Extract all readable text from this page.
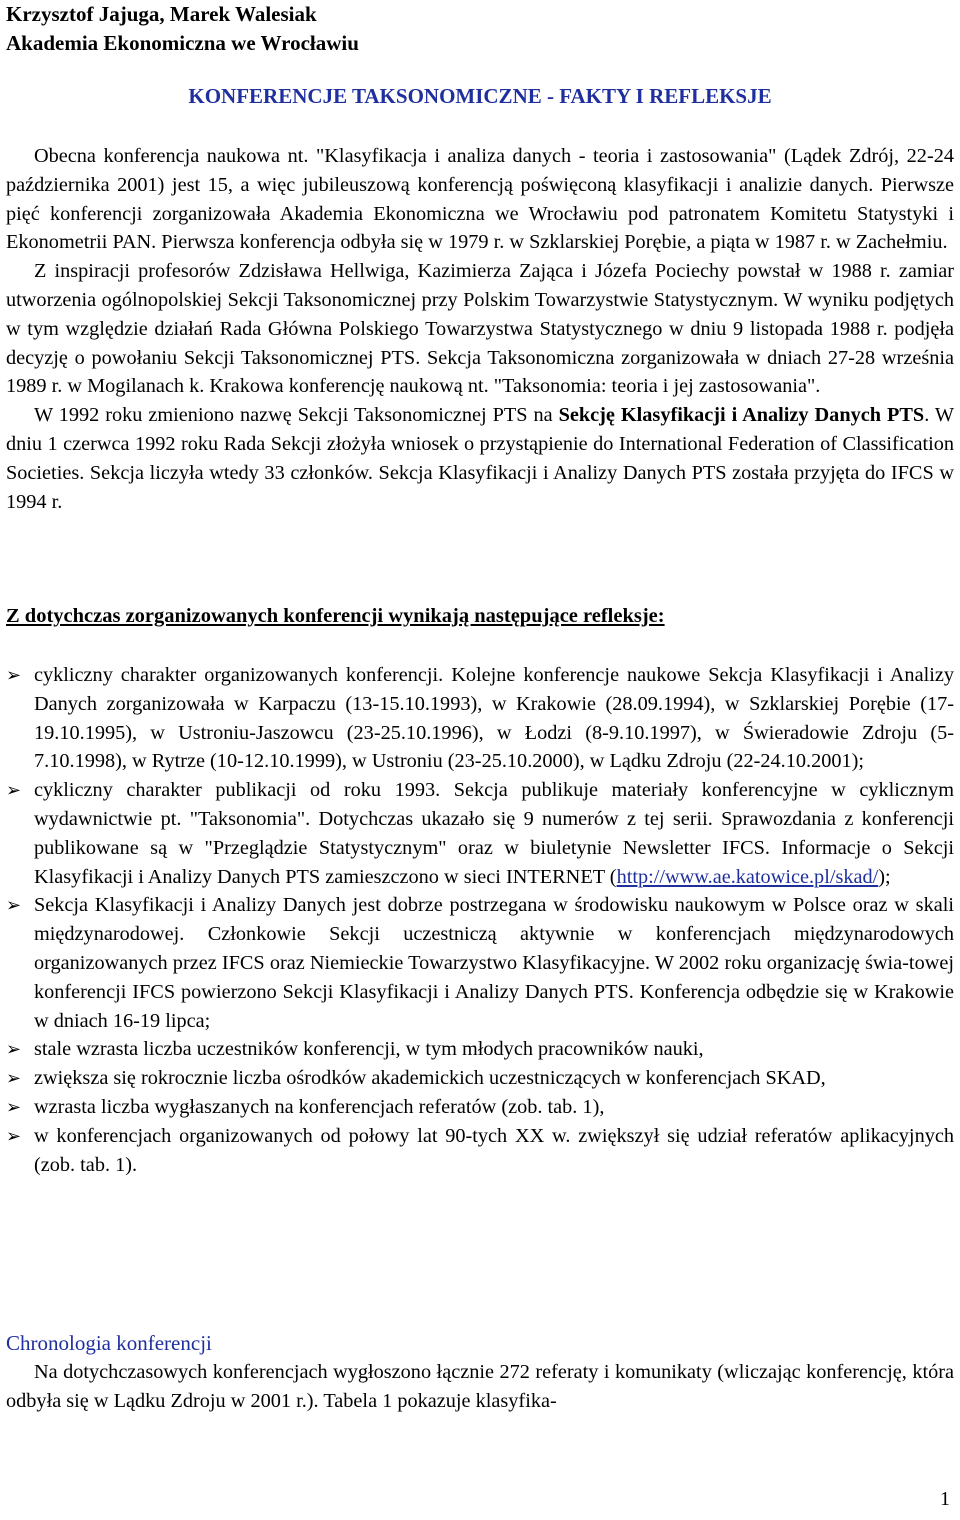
Krzysztof Jajuga, Marek Walesiak
Akademia Ekonomiczna we Wrocławiu
KONFERENCJE TAKSONOMICZNE - FAKTY I REFLEKSJE

Obecna konferencja naukowa nt. "Klasyfikacja i analiza danych - teoria i zastosowania" (Lądek Zdrój, 22-24 października 2001) jest 15, a więc jubileuszową konferencją poświęconą klasyfikacji i analizie danych. Pierwsze pięć konferencji zorganizowała Akademia Ekonomiczna we Wrocławiu pod patronatem Komitetu Statystyki i Ekonometrii PAN. Pierwsza konferencja odbyła się w 1979 r. w Szklarskiej Porębie, a piąta w 1987 r. w Zachełmiu.

Z inspiracji profesorów Zdzisława Hellwiga, Kazimierza Zająca i Józefa Pociechy powstał w 1988 r. zamiar utworzenia ogólnopolskiej Sekcji Taksonomicznej przy Polskim Towarzystwie Statystycznym. W wyniku podjętych w tym względzie działań Rada Główna Polskiego Towarzystwa Statystycznego w dniu 9 listopada 1988 r. podjęła decyzję o powołaniu Sekcji Taksonomicznej PTS. Sekcja Taksonomiczna zorganizowała w dniach 27-28 września 1989 r. w Mogilanach k. Krakowa konferencję naukową nt. "Taksonomia: teoria i jej zastosowania".

W 1992 roku zmieniono nazwę Sekcji Taksonomicznej PTS na Sekcję Klasyfikacji i Analizy Danych PTS. W dniu 1 czerwca 1992 roku Rada Sekcji złożyła wniosek o przystąpienie do International Federation of Classification Societies. Sekcja liczyła wtedy 33 członków. Sekcja Klasyfikacji i Analizy Danych PTS została przyjęta do IFCS w 1994 r.

Z dotychczas zorganizowanych konferencji wynikają następujące refleksje:
➢ cykliczny charakter organizowanych konferencji. Kolejne konferencje naukowe Sekcja Klasyfikacji i Analizy Danych zorganizowała w Karpaczu (13-15.10.1993), w Krakowie (28.09.1994), w Szklarskiej Porębie (17-19.10.1995), w Ustroniu-Jaszowcu (23-25.10.1996), w Łodzi (8-9.10.1997), w Świeradowie Zdroju (5-7.10.1998), w Rytrze (10-12.10.1999), w Ustroniu (23-25.10.2000), w Lądku Zdroju (22-24.10.2001);
➢ cykliczny charakter publikacji od roku 1993. Sekcja publikuje materiały konferencyjne w cyklicznym wydawnictwie pt. "Taksonomia". Dotychczas ukazało się 9 numerów z tej serii. Sprawozdania z konferencji publikowane są w "Przeglądzie Statystycznym" oraz w biuletynie Newsletter IFCS. Informacje o Sekcji Klasyfikacji i Analizy Danych PTS zamieszczono w sieci INTERNET (http://www.ae.katowice.pl/skad/);
➢ Sekcja Klasyfikacji i Analizy Danych jest dobrze postrzegana w środowisku naukowym w Polsce oraz w skali międzynarodowej. Członkowie Sekcji uczestniczą aktywnie w konferencjach międzynarodowych organizowanych przez IFCS oraz Niemieckie Towarzystwo Klasyfikacyjne. W 2002 roku organizację świa-towej konferencji IFCS powierzono Sekcji Klasyfikacji i Analizy Danych PTS. Konferencja odbędzie się w Krakowie w dniach 16-19 lipca;
➢ stale wzrasta liczba uczestników konferencji, w tym młodych pracowników nauki,
➢ zwiększa się rokrocznie liczba ośrodków akademickich uczestniczących w konferencjach SKAD,
➢ wzrasta liczba wygłaszanych na konferencjach referatów (zob. tab. 1),
➢ w konferencjach organizowanych od połowy lat 90-tych XX w. zwiększył się udział referatów aplikacyjnych (zob. tab. 1).
Chronologia konferencji

Na dotychczasowych konferencjach wygłoszono łącznie 272 referaty i komunikaty (wliczając konferencję, która odbyła się w Lądku Zdroju w 2001 r.). Tabela 1 pokazuje klasyfika-

1
